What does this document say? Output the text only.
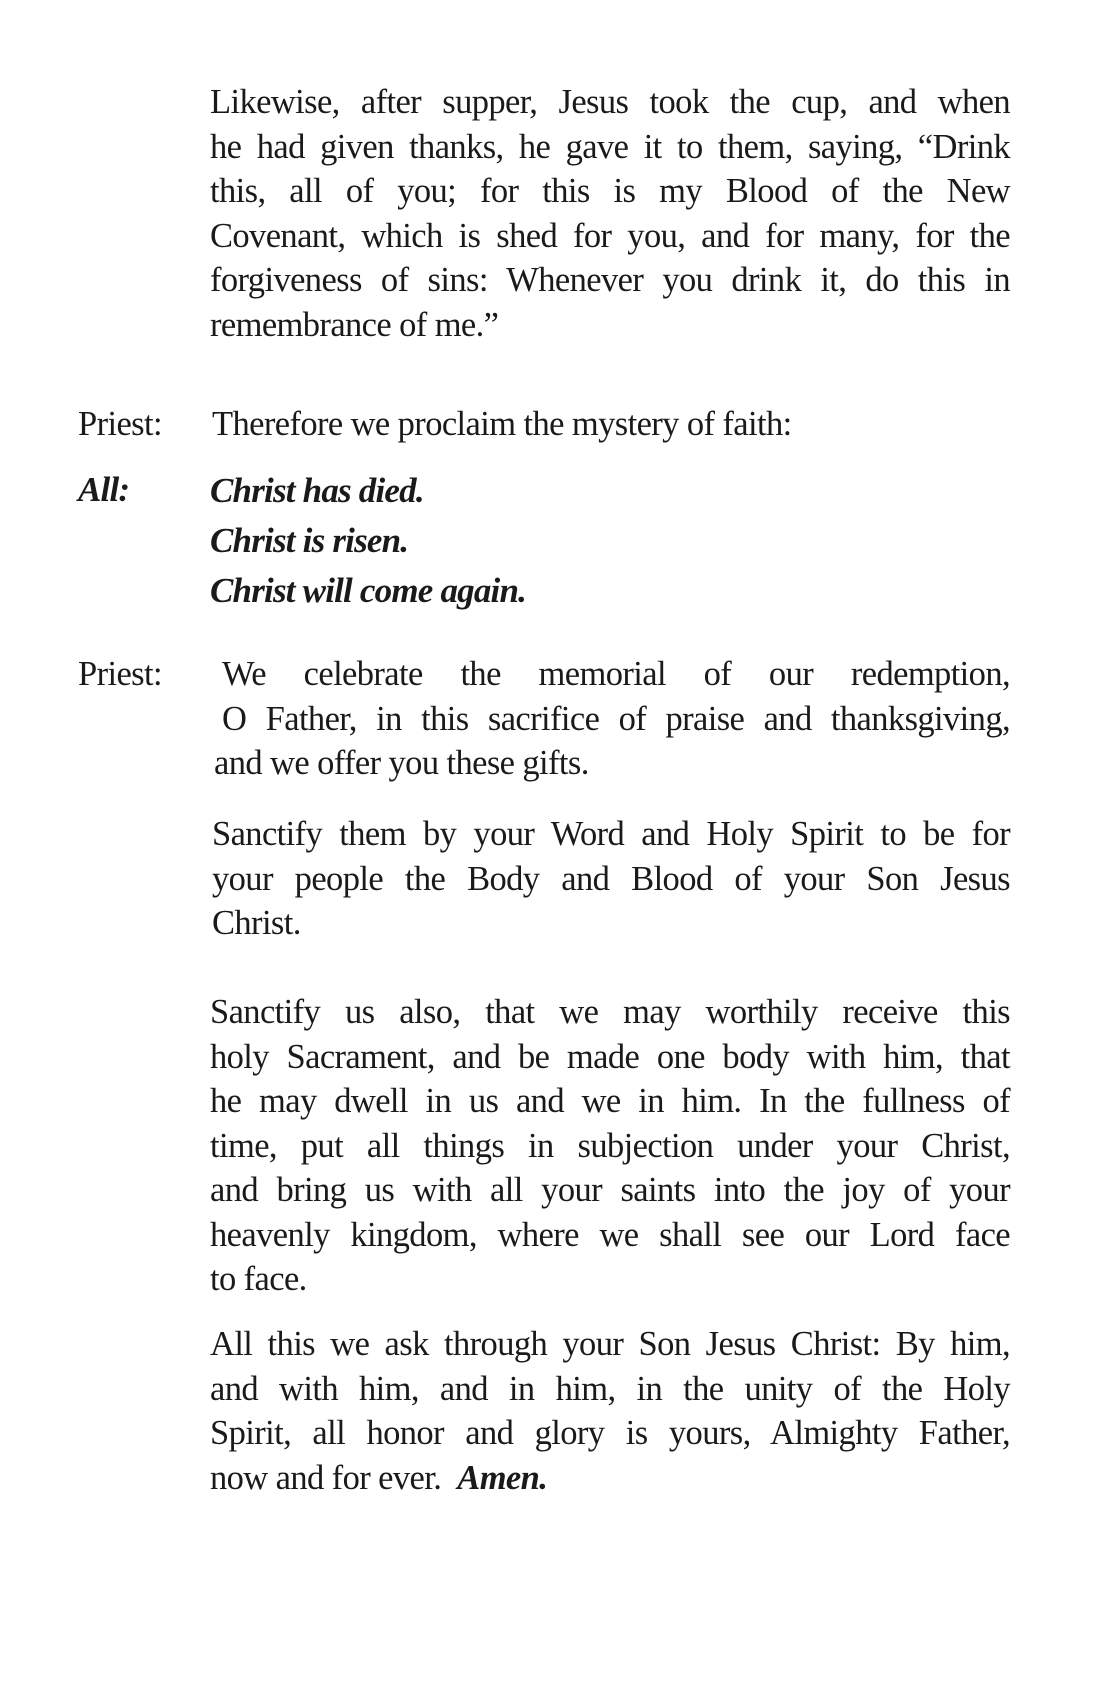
Likewise, after supper, Jesus took the cup, and when
he had given thanks, he gave it to them, saying, “Drink
this, all of you; for this is my Blood of the New
Covenant, which is shed for you, and for many, for the
forgiveness of sins: Whenever you drink it, do this in
remembrance of me.”
Priest: Therefore we proclaim the mystery of faith:
All: Christ has died.
Christ is risen.
Christ will come again.
Priest: We celebrate the memorial of our redemption,
O Father, in this sacrifice of praise and thanksgiving,
and we offer you these gifts.
Sanctify them by your Word and Holy Spirit to be for
your people the Body and Blood of your Son Jesus
Christ.
Sanctify us also, that we may worthily receive this
holy Sacrament, and be made one body with him, that
he may dwell in us and we in him. In the fullness of
time, put all things in subjection under your Christ,
and bring us with all your saints into the joy of your
heavenly kingdom, where we shall see our Lord face
to face.
All this we ask through your Son Jesus Christ: By him,
and with him, and in him, in the unity of the Holy
Spirit, all honor and glory is yours, Almighty Father,
now and for ever. Amen.
